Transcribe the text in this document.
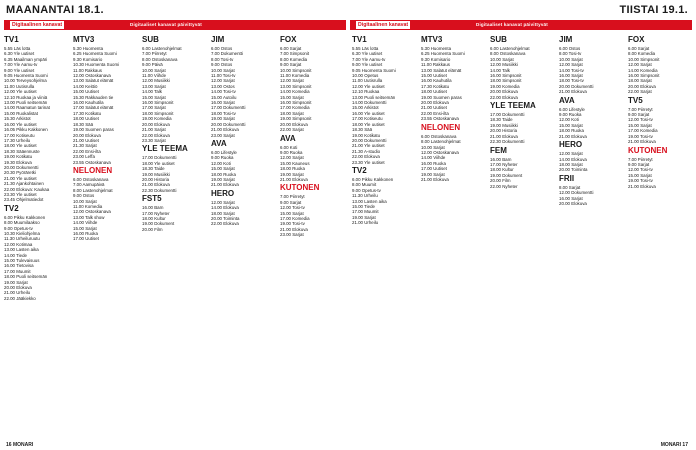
MAANANTAI 18.1.	TIISTAI 19.1.
Digitaalinen kanavat	Digitaalinen kanavat
Digitaaliset kanavat päivittyvät	Digitaaliset kanavat päivittyvät
TV1
5.55 Läs lotta
6.30 Yle uutiset
6.35 Maailman ympäri
7.00 Yle Aamu-tv
9.00 Yle uutiset
9.05 Huomenta Suomi
10.00 Terveysohjelma
11.00 Uutisrulla
12.00 Yle uutiset
12.10 Ruokaa ja viiniä
13.00 Puoli seitsemän
14.00 Raamatun tarinat
15.00 Ruokalistat
15.30 Arkistot
16.00 Yle uutiset
16.05 Pikku Kakkonen
17.00 Kotiseutu
17.30 Urheilu
18.00 Yle uutiset
18.30 Sääennuste
19.00 Kotikatu
19.30 Elokuva
20.00 Dokumentti
20.30 Pyöräretki
21.00 Yle uutiset
21.30 Ajankohtainen
22.00 Elokuva: Kaukaa
23.30 Yle uutiset
23.45 Ohjelmatiedot
TV2
6.00 Pikku Kakkonen
8.00 Muumilaakso
9.00 Opetus-tv
10.30 Kieliohjelma
11.30 Urheiluruutu
12.00 Kotimaa
13.00 Lasten aika
14.00 Tiede
15.00 Tulevaisuus
16.00 Tietovisa
17.00 Muumit
18.00 Puoli seitsemän
19.00 Sarjat
20.00 Elokuva
21.00 Urheilu
22.00 Jääkiekko
MTV3
5.30 Huomenta
6.25 Huomenta Suomi
9.30 Komisario
10.30 Huomenta Suomi
11.00 Rakkaus
12.00 Ostoskanava
13.00 Salatut elämät
14.00 Keittiö
15.00 Uutiset
15.30 Rakkauden tie
16.00 Kauhutila
17.00 Salatut elämät
17.30 Kotikatu
18.00 Uutiset
18.30 Sää
19.00 Suomen paras
20.00 Elokuva
21.00 Uutiset
21.30 Sarjat
22.00 Ensi-ilta
23.00 Leffa
23.55 Ostoskanava
NELONEN
6.00 Ostoskanava
7.00 Aamupäivä
8.00 Lastenohjelmat
9.00 Ostos
10.00 Sarjat
11.00 Komedia
12.00 Ostoskanava
13.00 Talk show
14.00 Viihde
15.00 Sarjat
16.00 Ruoka
17.00 Uutiset
SUB
6.00 Lastenohjelmat
7.00 Piirretyt
8.00 Ostoskanava
9.00 Päivä
10.00 Sarjat
11.00 Viihde
12.00 Musiikki
13.00 Sarjat
14.00 Talk
15.00 Sarjat
16.00 Simpsonit
17.00 Sarjat
18.00 Simpsonit
19.00 Komedia
20.00 Elokuva
21.00 Sarjat
22.00 Elokuva
23.30 Sarjat
YLE TEEMA
17.00 Dokumentti
18.00 Yle uutiset
18.30 Taide
19.00 Musiikki
20.00 Historia
21.00 Elokuva
22.30 Dokumentti
FST5
16.00 Barn
17.00 Nyheter
18.00 Kultur
19.00 Dokument
20.00 Film
JIM
6.00 Ostos
7.00 Dokumentti
8.00 Tosi-tv
9.00 Ostos
10.00 Sarjat
11.00 Tosi-tv
12.00 Sarjat
13.00 Ostos
14.00 Tosi-tv
15.00 Autoilu
16.00 Sarjat
17.00 Dokumentti
18.00 Tosi-tv
19.00 Sarjat
20.00 Dokumentti
21.00 Elokuva
23.00 Sarjat
AVA
6.00 Lifestyle
9.00 Ruoka
12.00 Koti
15.00 Sarjat
18.00 Ruoka
19.00 Sarjat
21.00 Elokuva
HERO
12.00 Sarjat
14.00 Elokuva
18.00 Sarjat
20.00 Toiminta
22.00 Elokuva
FOX
6.00 Sarjat
7.00 Simpsonit
8.00 Komedia
9.00 Sarjat
10.00 Simpsonit
11.00 Komedia
12.00 Sarjat
13.00 Simpsonit
14.00 Komedia
15.00 Sarjat
16.00 Simpsonit
17.00 Komedia
18.00 Sarjat
19.00 Simpsonit
20.00 Elokuva
22.00 Sarjat
AVA
6.00 Koti
9.00 Ruoka
12.00 Sarjat
15.00 Kauneus
18.00 Ruoka
19.00 Sarjat
21.00 Elokuva
KUTONEN
7.00 Piirretyt
9.00 Sarjat
12.00 Tosi-tv
15.00 Sarjat
17.00 Komedia
19.00 Tosi-tv
21.00 Elokuva
23.00 Sarjat
TV1
5.55 Läs lotta
6.30 Yle uutiset
7.00 Yle Aamu-tv
9.00 Yle uutiset
9.05 Huomenta Suomi
10.00 Opetus
11.00 Uutisrulla
12.00 Yle uutiset
12.10 Ruokaa
13.00 Puoli seitsemän
14.00 Dokumentti
15.00 Arkistot
16.00 Yle uutiset
17.00 Kotiseutu
18.00 Yle uutiset
18.30 Sää
19.00 Kotikatu
20.00 Dokumentti
21.00 Yle uutiset
21.30 A-studio
22.00 Elokuva
23.30 Yle uutiset
TV2
6.00 Pikku Kakkonen
8.00 Muumit
9.00 Opetus-tv
11.30 Urheilu
13.00 Lasten aika
15.00 Tiede
17.00 Muumit
19.00 Sarjat
21.00 Urheilu
MTV3
5.30 Huomenta
6.25 Huomenta Suomi
9.30 Komisario
11.00 Rakkaus
13.00 Salatut elämät
15.00 Uutiset
16.00 Kauhutila
17.30 Kotikatu
18.00 Uutiset
19.00 Suomen paras
20.00 Elokuva
21.00 Uutiset
22.00 Ensi-ilta
23.55 Ostoskanava
NELONEN
6.00 Ostoskanava
8.00 Lastenohjelmat
10.00 Sarjat
12.00 Ostoskanava
14.00 Viihde
16.00 Ruoka
17.00 Uutiset
19.00 Sarjat
21.00 Elokuva
SUB
6.00 Lastenohjelmat
8.00 Ostoskanava
10.00 Sarjat
12.00 Musiikki
14.00 Talk
16.00 Simpsonit
18.00 Simpsonit
19.00 Komedia
20.00 Elokuva
22.00 Elokuva
YLE TEEMA
17.00 Dokumentti
18.30 Taide
19.00 Musiikki
20.00 Historia
21.00 Elokuva
22.30 Dokumentti
FEM
16.00 Barn
17.00 Nyheter
18.00 Kultur
19.00 Dokument
20.00 Film
22.00 Nyheter
JIM
6.00 Ostos
8.00 Tosi-tv
10.00 Sarjat
12.00 Sarjat
14.00 Tosi-tv
16.00 Sarjat
18.00 Tosi-tv
20.00 Dokumentti
21.00 Elokuva
AVA
6.00 Lifestyle
9.00 Ruoka
12.00 Koti
15.00 Sarjat
18.00 Ruoka
21.00 Elokuva
HERO
12.00 Sarjat
14.00 Elokuva
18.00 Sarjat
20.00 Toiminta
FRII
8.00 Sarjat
12.00 Dokumentti
16.00 Sarjat
20.00 Elokuva
FOX
6.00 Sarjat
8.00 Komedia
10.00 Simpsonit
12.00 Sarjat
14.00 Komedia
16.00 Simpsonit
18.00 Sarjat
20.00 Elokuva
22.00 Sarjat
TV5
7.00 Piirretyt
9.00 Sarjat
12.00 Tosi-tv
15.00 Sarjat
17.00 Komedia
19.00 Tosi-tv
21.00 Elokuva
KUTONEN
7.00 Piirretyt
9.00 Sarjat
12.00 Tosi-tv
15.00 Sarjat
19.00 Tosi-tv
21.00 Elokuva
16 MONARI	MONARI 17
